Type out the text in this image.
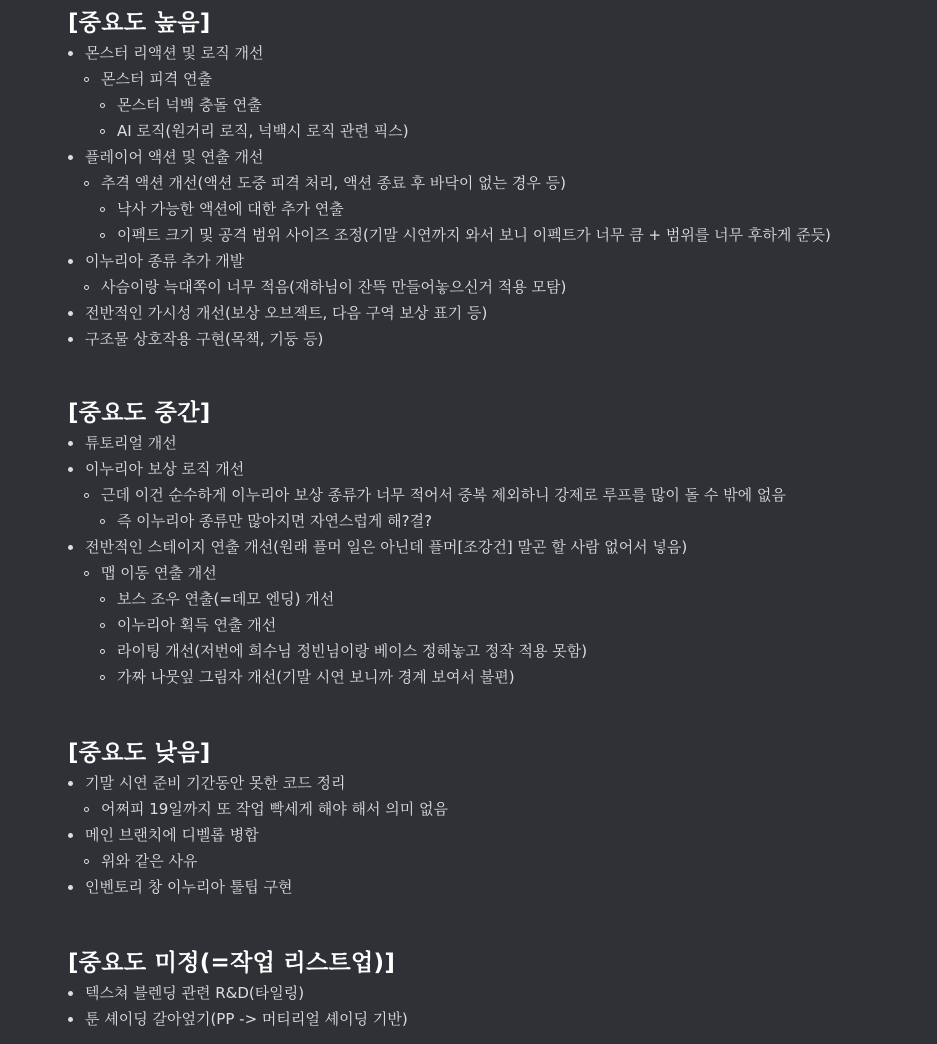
[중요도 높음]
몬스터 리액션 및 로직 개선
몬스터 피격 연출
몬스터 넉백 충돌 연출
AI 로직(원거리 로직, 넉백시 로직 관련 픽스)
플레이어 액션 및 연출 개선
추격 액션 개선(액션 도중 피격 처리, 액션 종료 후 바닥이 없는 경우 등)
낙사 가능한 액션에 대한 추가 연출
이펙트 크기 및 공격 범위 사이즈 조정(기말 시연까지 와서 보니 이펙트가 너무 큼 + 범위를 너무 후하게 준듯)
이누리아 종류 추가 개발
사슴이랑 늑대쪽이 너무 적음(재하님이 잔뜩 만들어놓으신거 적용 모탐)
전반적인 가시성 개선(보상 오브젝트, 다음 구역 보상 표기 등)
구조물 상호작용 구현(목책, 기둥 등)
[중요도 중간]
튜토리얼 개선
이누리아 보상 로직 개선
근데 이건 순수하게 이누리아 보상 종류가 너무 적어서 중복 제외하니 강제로 루프를 많이 돌 수 밖에 없음
즉 이누리아 종류만 많아지면 자연스럽게 해?결?
전반적인 스테이지 연출 개선(원래 플머 일은 아닌데 플머[조강건] 말곤 할 사람 없어서 넣음)
맵 이동 연출 개선
보스 조우 연출(=데모 엔딩) 개선
이누리아 획득 연출 개선
라이팅 개선(저번에 희수님 정빈님이랑 베이스 정해놓고 정작 적용 못함)
가짜 나뭇잎 그림자 개선(기말 시연 보니까 경계 보여서 불편)
[중요도 낮음]
기말 시연 준비 기간동안 못한 코드 정리
어쩌피 19일까지 또 작업 빡세게 해야 해서 의미 없음
메인 브랜치에 디벨롭 병합
위와 같은 사유
인벤토리 창 이누리아 툴팁 구현
[중요도 미정(=작업 리스트업)]
텍스쳐 블렌딩 관련 R&D(타일링)
툰 셰이딩 갈아엎기(PP -> 머티리얼 셰이딩 기반)
